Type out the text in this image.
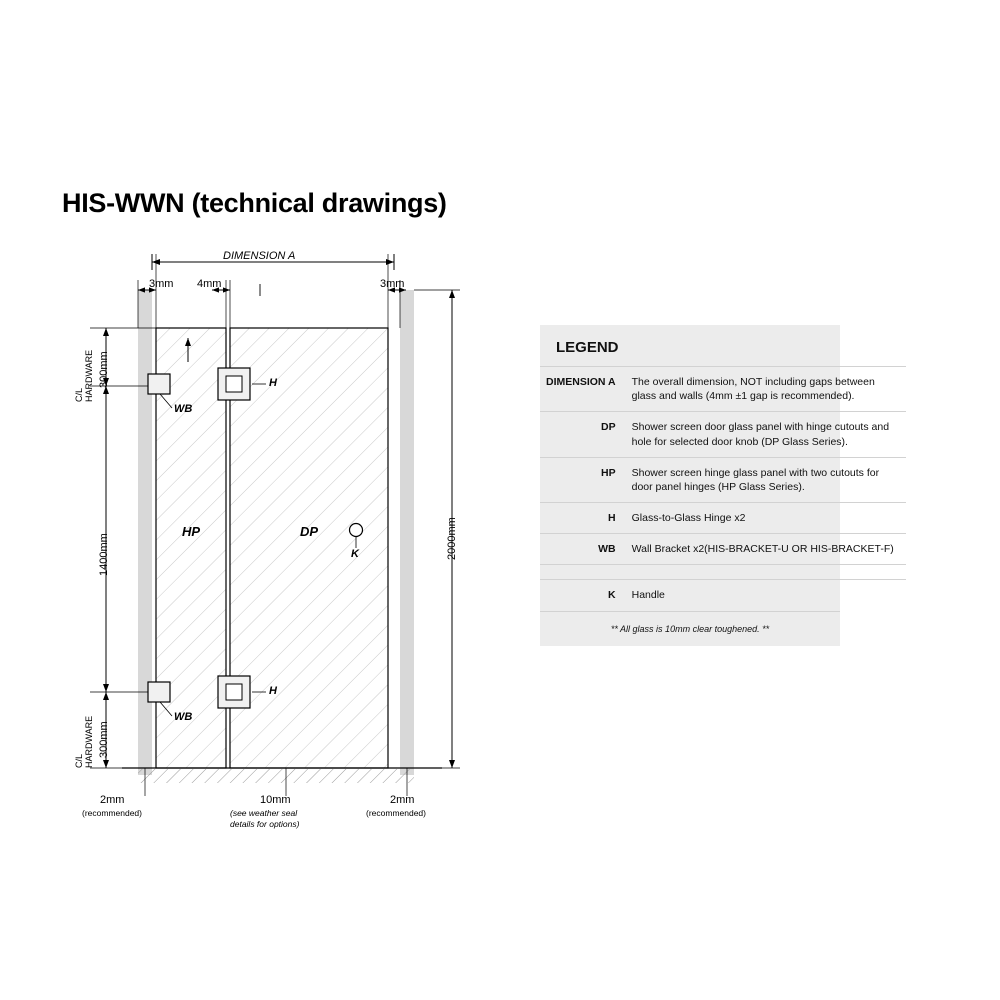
HIS-WWN (technical drawings)
DIMENSION A
3mm 4mm	3mm
C/L
HARDWARE 300mm
1400mm
C/L
HARDWARE 300mm
2000mm
HP	DP
K
H
H
WB
WB
2mm
(recommended)
10mm
(see weather seal
details for options)
2mm
(recommended)
LEGEND
DIMENSION A	The overall dimension, NOT including gaps between glass and walls (4mm ±1 gap is recommended).
DP	Shower screen door glass panel with hinge cutouts and hole for selected door knob (DP Glass Series).
HP	Shower screen hinge glass panel with two cutouts for door panel hinges (HP Glass Series).
H	Glass-to-Glass Hinge x2
WB	Wall Bracket x2(HIS-BRACKET-U OR HIS-BRACKET-F)

K	Handle
** All glass is 10mm clear toughened. **
